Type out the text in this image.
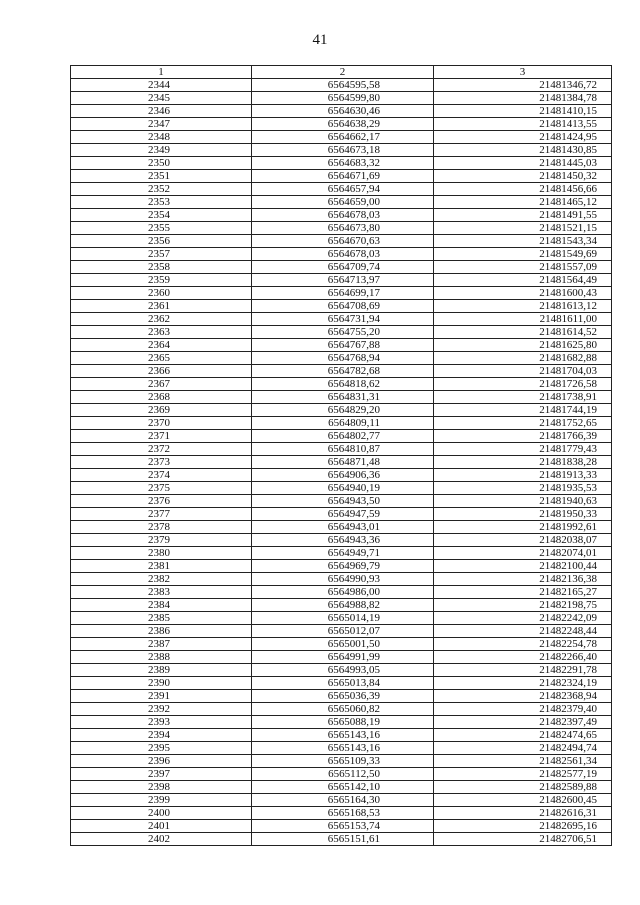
41
1	2	3
2344	6564595,58	21481346,72
2345	6564599,80	21481384,78
2346	6564630,46	21481410,15
2347	6564638,29	21481413,55
2348	6564662,17	21481424,95
2349	6564673,18	21481430,85
2350	6564683,32	21481445,03
2351	6564671,69	21481450,32
2352	6564657,94	21481456,66
2353	6564659,00	21481465,12
2354	6564678,03	21481491,55
2355	6564673,80	21481521,15
2356	6564670,63	21481543,34
2357	6564678,03	21481549,69
2358	6564709,74	21481557,09
2359	6564713,97	21481564,49
2360	6564699,17	21481600,43
2361	6564708,69	21481613,12
2362	6564731,94	21481611,00
2363	6564755,20	21481614,52
2364	6564767,88	21481625,80
2365	6564768,94	21481682,88
2366	6564782,68	21481704,03
2367	6564818,62	21481726,58
2368	6564831,31	21481738,91
2369	6564829,20	21481744,19
2370	6564809,11	21481752,65
2371	6564802,77	21481766,39
2372	6564810,87	21481779,43
2373	6564871,48	21481838,28
2374	6564906,36	21481913,33
2375	6564940,19	21481935,53
2376	6564943,50	21481940,63
2377	6564947,59	21481950,33
2378	6564943,01	21481992,61
2379	6564943,36	21482038,07
2380	6564949,71	21482074,01
2381	6564969,79	21482100,44
2382	6564990,93	21482136,38
2383	6564986,00	21482165,27
2384	6564988,82	21482198,75
2385	6565014,19	21482242,09
2386	6565012,07	21482248,44
2387	6565001,50	21482254,78
2388	6564991,99	21482266,40
2389	6564993,05	21482291,78
2390	6565013,84	21482324,19
2391	6565036,39	21482368,94
2392	6565060,82	21482379,40
2393	6565088,19	21482397,49
2394	6565143,16	21482474,65
2395	6565143,16	21482494,74
2396	6565109,33	21482561,34
2397	6565112,50	21482577,19
2398	6565142,10	21482589,88
2399	6565164,30	21482600,45
2400	6565168,53	21482616,31
2401	6565153,74	21482695,16
2402	6565151,61	21482706,51
